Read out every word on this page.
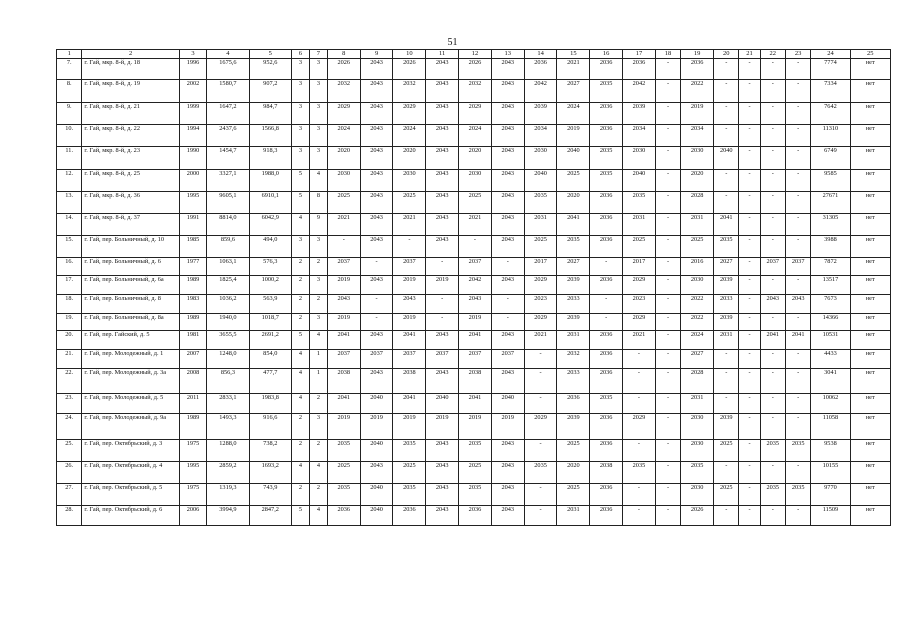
51
1	2	3	4	5	6	7	8	9	10	11	12	13	14	15	16	17	18	19	20	21	22	23	24	25
7.	г. Гай, мкр. 8-й, д. 18	1996	1675,6	952,6	3	3	2026	2043	2026	2043	2026	2043	2036	2021	2036	2036	-	2036	-	-	-	-	7774	нет
8.	г. Гай, мкр. 8-й, д. 19	2002	1580,7	907,2	3	3	2032	2043	2032	2043	2032	2043	2042	2027	2035	2042	-	2022	-	-	-	-	7334	нет
9.	г. Гай, мкр. 8-й, д. 21	1999	1647,2	984,7	3	3	2029	2043	2029	2043	2029	2043	2039	2024	2036	2039	-	2019	-	-	-	-	7642	нет
10.	г. Гай, мкр. 8-й, д. 22	1994	2437,6	1566,8	3	3	2024	2043	2024	2043	2024	2043	2034	2019	2036	2034	-	2034	-	-	-	-	11310	нет
11.	г. Гай, мкр. 8-й, д. 23	1990	1454,7	918,3	3	3	2020	2043	2020	2043	2020	2043	2030	2040	2035	2030	-	2030	2040	-	-	-	6749	нет
12.	г. Гай, мкр. 8-й, д. 25	2000	3327,1	1988,0	5	4	2030	2043	2030	2043	2030	2043	2040	2025	2035	2040	-	2020	-	-	-	-	9585	нет
13.	г. Гай, мкр. 8-й, д. 36	1995	9605,1	6910,1	5	8	2025	2043	2025	2043	2025	2043	2035	2020	2036	2035	-	2028	-	-	-	-	27671	нет
14.	г. Гай, мкр. 8-й, д. 37	1991	8814,0	6042,9	4	9	2021	2043	2021	2043	2021	2043	2031	2041	2036	2031	-	2031	2041	-	-	-	31305	нет
15.	г. Гай, пер. Больничный, д. 10	1985	859,6	494,0	3	3	-	2043	-	2043	-	2043	2025	2035	2036	2025	-	2025	2035	-	-	-	3988	нет
16.	г. Гай, пер. Больничный, д. 6	1977	1063,1	576,3	2	2	2037	-	2037	-	2037	-	2017	2027	-	2017	-	2016	2027	-	2037	2037	7872	нет
17.	г. Гай, пер. Больничный, д. 6а	1989	1825,4	1000,2	2	3	2019	2043	2019	2019	2042	2043	2029	2039	2036	2029	-	2030	2039	-	-	-	13517	нет
18.	г. Гай, пер. Больничный, д. 8	1983	1036,2	563,9	2	2	2043	-	2043	-	2043	-	2023	2033	-	2023	-	2022	2033	-	2043	2043	7673	нет
19.	г. Гай, пер. Больничный, д. 8а	1989	1940,0	1018,7	2	3	2019	-	2019	-	2019	-	2029	2039	-	2029	-	2022	2039	-	-	-	14366	нет
20.	г. Гай, пер. Гайский, д. 5	1981	3655,5	2691,2	5	4	2041	2043	2041	2043	2041	2043	2021	2031	2036	2021	-	2024	2031	-	2041	2041	10531	нет
21.	г. Гай, пер. Молодежный, д. 1	2007	1248,0	854,0	4	1	2037	2037	2037	2037	2037	2037	-	2032	2036	-	-	2027	-	-	-	-	4433	нет
22.	г. Гай, пер. Молодежный, д. 3а	2008	856,3	477,7	4	1	2038	2043	2038	2043	2038	2043	-	2033	2036	-	-	2028	-	-	-	-	3041	нет
23.	г. Гай, пер. Молодежный, д. 5	2011	2833,1	1983,8	4	2	2041	2040	2041	2040	2041	2040	-	2036	2035	-	-	2031	-	-	-	-	10062	нет
24.	г. Гай, пер. Молодежный, д. 9а	1989	1493,3	916,6	2	3	2019	2019	2019	2019	2019	2019	2029	2039	2036	2029	-	2030	2039	-	-	-	11058	нет
25.	г. Гай, пер. Октябрьский, д. 3	1975	1288,0	738,2	2	2	2035	2040	2035	2043	2035	2043	-	2025	2036	-	-	2030	2025	-	2035	2035	9538	нет
26.	г. Гай, пер. Октябрьский, д. 4	1995	2859,2	1693,2	4	4	2025	2043	2025	2043	2025	2043	2035	2020	2038	2035	-	2035	-	-	-	-	10155	нет
27.	г. Гай, пер. Октябрьский, д. 5	1975	1319,3	743,9	2	2	2035	2040	2035	2043	2035	2043	-	2025	2036	-	-	2030	2025	-	2035	2035	9770	нет
28.	г. Гай, пер. Октябрьский, д. 6	2006	3994,9	2847,2	5	4	2036	2040	2036	2043	2036	2043	-	2031	2036	-	-	2026	-	-	-	-	11509	нет
